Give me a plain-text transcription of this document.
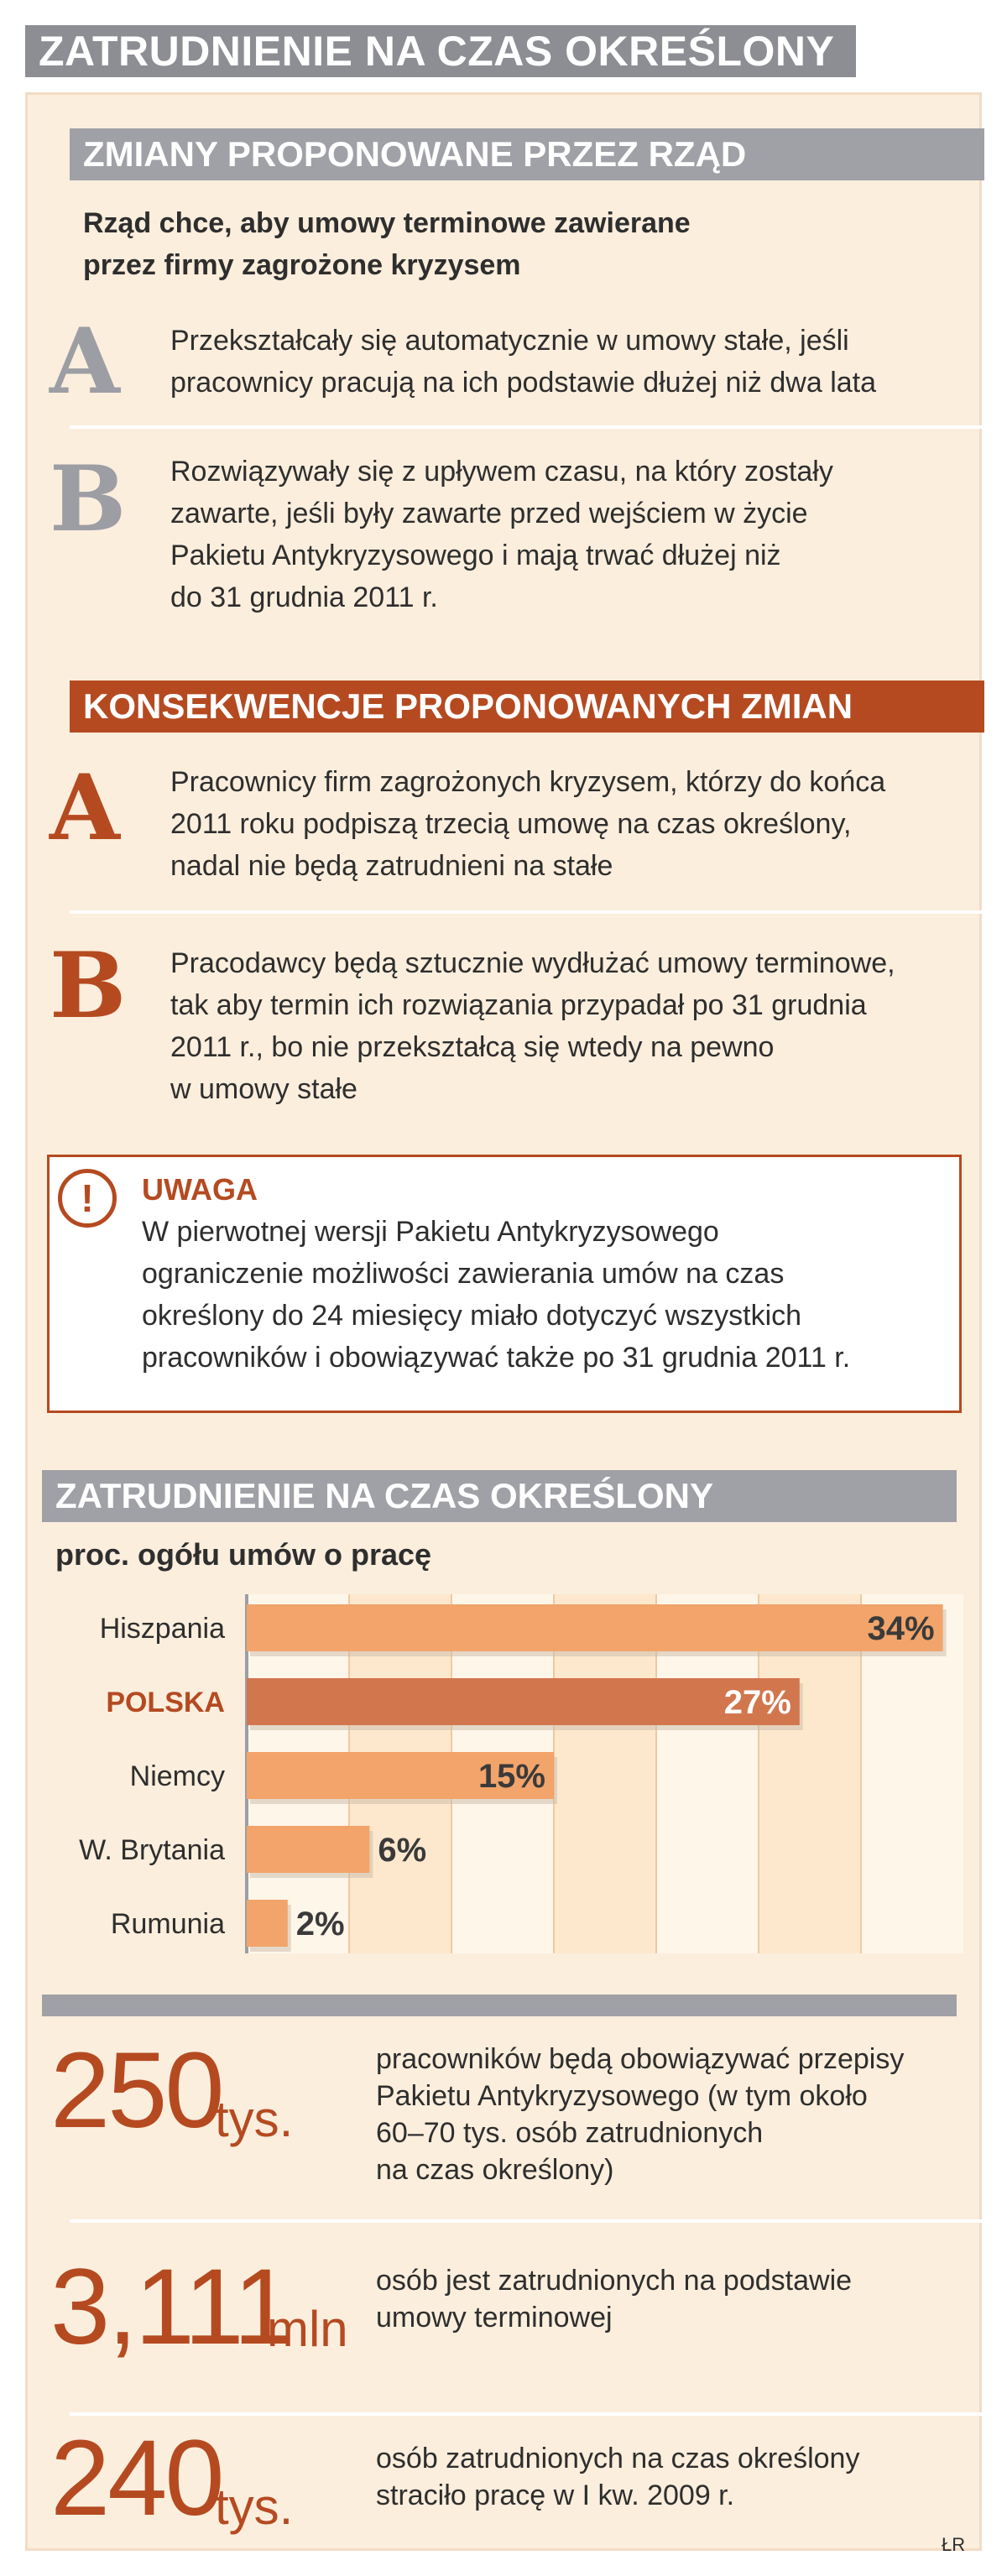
ZATRUDNIENIE NA CZAS OKREŚLONY
ZMIANY PROPONOWANE PRZEZ RZĄD
Rząd chce, aby umowy terminowe zawierane
przez firmy zagrożone kryzysem
A Przekształcały się automatycznie w umowy stałe, jeśli
pracownicy pracują na ich podstawie dłużej niż dwa lata
B Rozwiązywały się z upływem czasu, na który zostały
zawarte, jeśli były zawarte przed wejściem w życie
Pakietu Antykryzysowego i mają trwać dłużej niż
do 31 grudnia 2011 r.
KONSEKWENCJE PROPONOWANYCH ZMIAN
A Pracownicy firm zagrożonych kryzysem, którzy do końca
2011 roku podpiszą trzecią umowę na czas określony,
nadal nie będą zatrudnieni na stałe
B Pracodawcy będą sztucznie wydłużać umowy terminowe,
tak aby termin ich rozwiązania przypadał po 31 grudnia
2011 r., bo nie przekształcą się wtedy na pewno
w umowy stałe
!	UWAGA
W pierwotnej wersji Pakietu Antykryzysowego
ograniczenie możliwości zawierania umów na czas
określony do 24 miesięcy miało dotyczyć wszystkich
pracowników i obowiązywać także po 31 grudnia 2011 r.
ZATRUDNIENIE NA CZAS OKREŚLONY
proc. ogółu umów o pracę
Hiszpania	34%
POLSKA	27%
Niemcy	15%
W. Brytania	6%
Rumunia 2%
250
tys.
pracowników będą obowiązywać przepisy
Pakietu Antykryzysowego (w tym około
60–70 tys. osób zatrudnionych
na czas określony)
3,111
mln
osób jest zatrudnionych na podstawie
umowy terminowej
240
tys.
osób zatrudnionych na czas określony
straciło pracę w I kw. 2009 r.
ŁR
